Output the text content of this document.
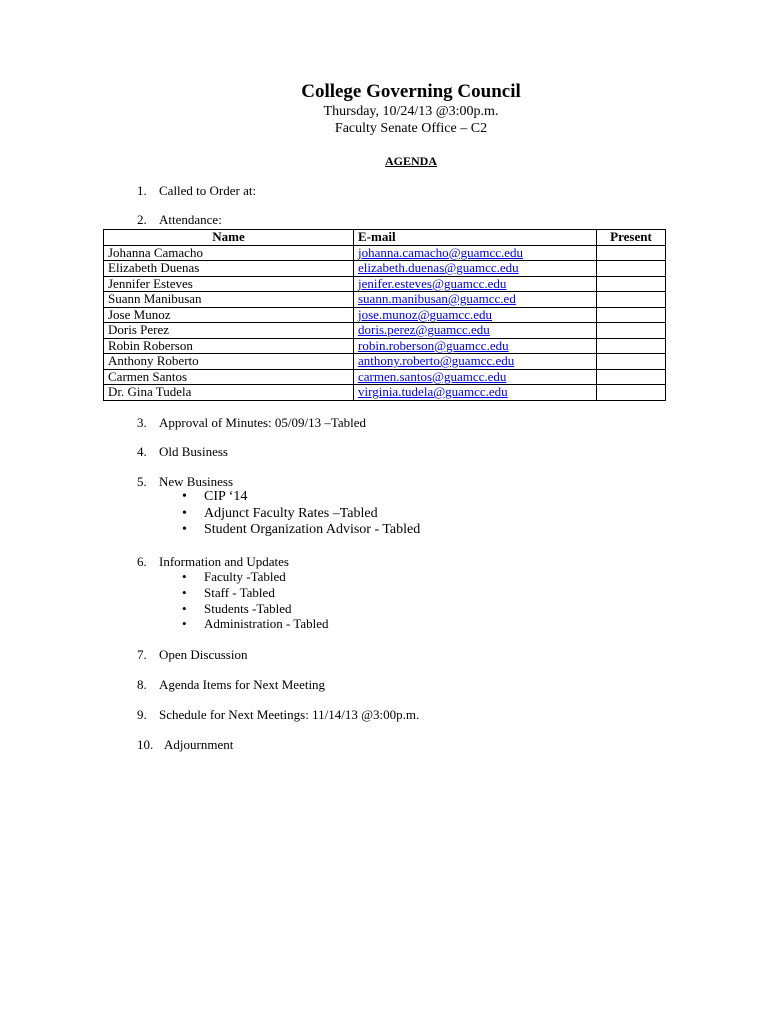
College Governing Council
Thursday, 10/24/13 @3:00p.m.
Faculty Senate Office – C2
AGENDA
1. Called to Order at:
2. Attendance:
Name	E-mail	Present
Johanna Camacho	johanna.camacho@guamcc.edu	
Elizabeth Duenas	elizabeth.duenas@guamcc.edu	
Jennifer Esteves	jenifer.esteves@guamcc.edu	
Suann Manibusan	suann.manibusan@guamcc.ed	
Jose Munoz	jose.munoz@guamcc.edu	
Doris Perez	doris.perez@guamcc.edu	
Robin Roberson	robin.roberson@guamcc.edu	
Anthony Roberto	anthony.roberto@guamcc.edu	
Carmen Santos	carmen.santos@guamcc.edu	
Dr. Gina Tudela	virginia.tudela@guamcc.edu	
3. Approval of Minutes: 05/09/13 –Tabled
4. Old Business
5. New Business
• CIP ‘14
• Adjunct Faculty Rates –Tabled
• Student Organization Advisor - Tabled
6. Information and Updates
• Faculty -Tabled
• Staff - Tabled
• Students -Tabled
• Administration - Tabled
7. Open Discussion
8. Agenda Items for Next Meeting
9. Schedule for Next Meetings: 11/14/13 @3:00p.m.
10. Adjournment
